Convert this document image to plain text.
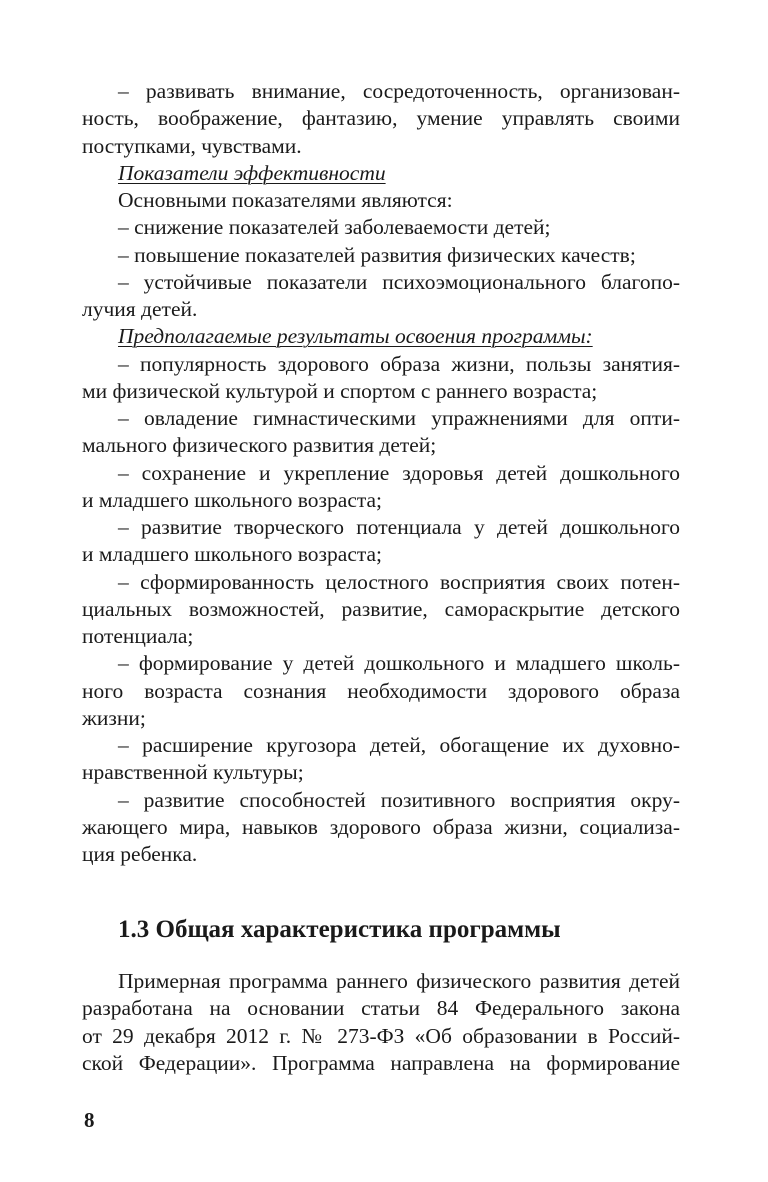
– развивать внимание, сосредоточенность, организован-
ность, воображение, фантазию, умение управлять своими
поступками, чувствами.
Показатели эффективности
Основными показателями являются:
– снижение показателей заболеваемости детей;
– повышение показателей развития физических качеств;
– устойчивые показатели психоэмоционального благопо-
лучия детей.
Предполагаемые результаты освоения программы:
– популярность здорового образа жизни, пользы занятия-
ми физической культурой и спортом с раннего возраста;
– овладение гимнастическими упражнениями для опти-
мального физического развития детей;
– сохранение и укрепление здоровья детей дошкольного
и младшего школьного возраста;
– развитие творческого потенциала у детей дошкольного
и младшего школьного возраста;
– сформированность целостного восприятия своих потен-
циальных возможностей, развитие, самораскрытие детского
потенциала;
– формирование у детей дошкольного и младшего школь-
ного возраста сознания необходимости здорового образа
жизни;
– расширение кругозора детей, обогащение их духовно-
нравственной культуры;
– развитие способностей позитивного восприятия окру-
жающего мира, навыков здорового образа жизни, социализа-
ция ребенка.
1.3 Общая характеристика программы
Примерная программа раннего физического развития детей
разработана на основании статьи 84 Федерального закона
от 29 декабря 2012 г. № 273-ФЗ «Об образовании в Россий-
ской Федерации». Программа направлена на формирование
8
